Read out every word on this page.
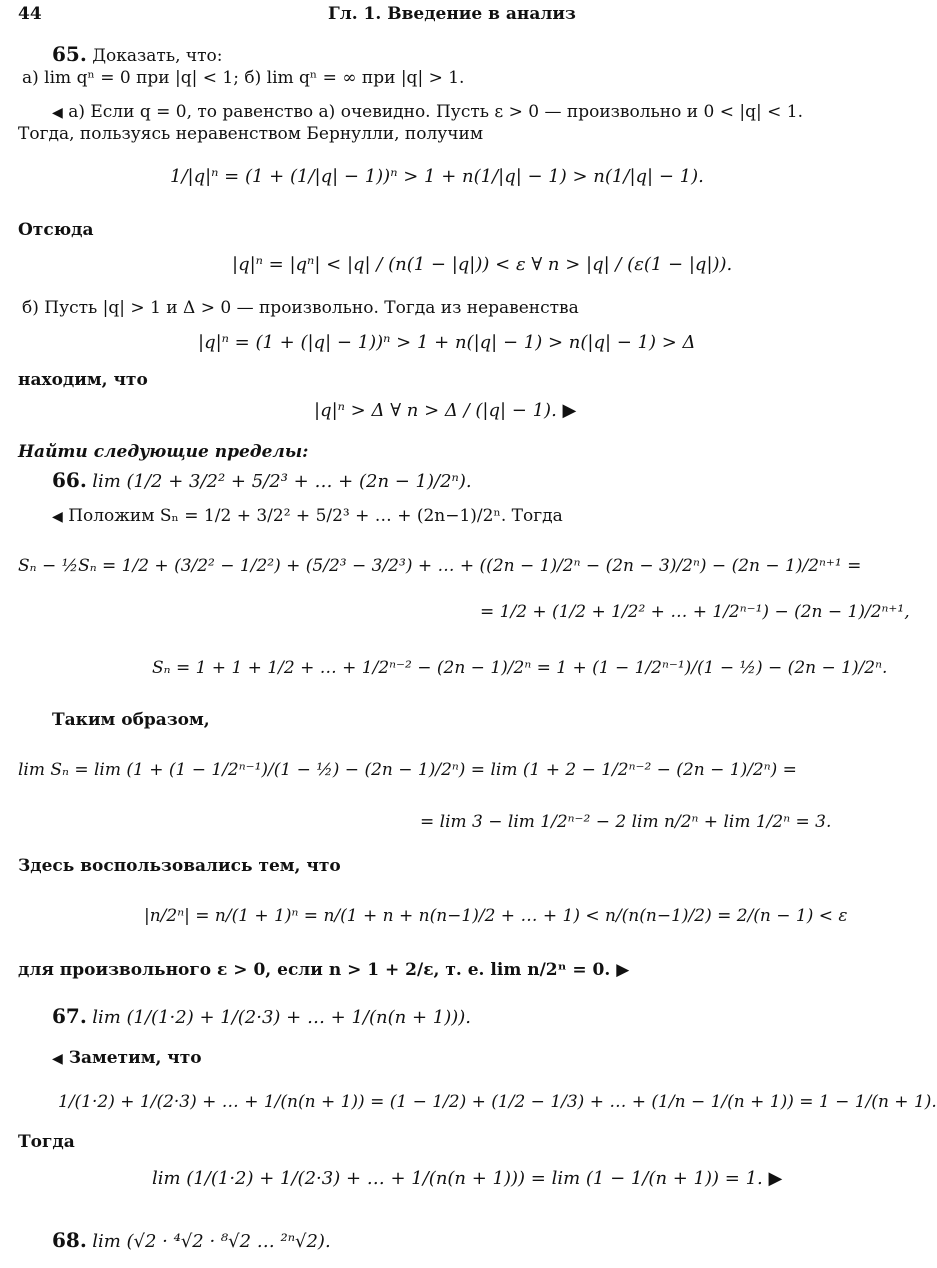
44	Гл. 1. Введение в анализ
65. Доказать, что:
а) lim qⁿ = 0 при |q| < 1; б) lim qⁿ = ∞ при |q| > 1.
◀ а) Если q = 0, то равенство а) очевидно. Пусть ε > 0 — произвольно и 0 < |q| < 1.
Тогда, пользуясь неравенством Бернулли, получим
1/|q|ⁿ = (1 + (1/|q| − 1))ⁿ > 1 + n(1/|q| − 1) > n(1/|q| − 1).
Отсюда
|q|ⁿ = |qⁿ| < |q| / (n(1 − |q|)) < ε ∀ n > |q| / (ε(1 − |q|)).
б) Пусть |q| > 1 и Δ > 0 — произвольно. Тогда из неравенства
|q|ⁿ = (1 + (|q| − 1))ⁿ > 1 + n(|q| − 1) > n(|q| − 1) > Δ
находим, что
|q|ⁿ > Δ ∀ n > Δ / (|q| − 1). ▶
Найти следующие пределы:
66. lim (1/2 + 3/2² + 5/2³ + … + (2n − 1)/2ⁿ).
◀ Положим Sₙ = 1/2 + 3/2² + 5/2³ + … + (2n−1)/2ⁿ. Тогда
Sₙ − ½Sₙ = 1/2 + (3/2² − 1/2²) + (5/2³ − 3/2³) + … + ((2n − 1)/2ⁿ − (2n − 3)/2ⁿ) − (2n − 1)/2ⁿ⁺¹ =
= 1/2 + (1/2 + 1/2² + … + 1/2ⁿ⁻¹) − (2n − 1)/2ⁿ⁺¹,
Sₙ = 1 + 1 + 1/2 + … + 1/2ⁿ⁻² − (2n − 1)/2ⁿ = 1 + (1 − 1/2ⁿ⁻¹)/(1 − ½) − (2n − 1)/2ⁿ.
Таким образом,
lim Sₙ = lim (1 + (1 − 1/2ⁿ⁻¹)/(1 − ½) − (2n − 1)/2ⁿ) = lim (1 + 2 − 1/2ⁿ⁻² − (2n − 1)/2ⁿ) =
= lim 3 − lim 1/2ⁿ⁻² − 2 lim n/2ⁿ + lim 1/2ⁿ = 3.
Здесь воспользовались тем, что
|n/2ⁿ| = n/(1 + 1)ⁿ = n/(1 + n + n(n−1)/2 + … + 1) < n/(n(n−1)/2) = 2/(n − 1) < ε
для произвольного ε > 0, если n > 1 + 2/ε, т. е. lim n/2ⁿ = 0. ▶
67. lim (1/(1·2) + 1/(2·3) + … + 1/(n(n + 1))).
◀ Заметим, что
1/(1·2) + 1/(2·3) + … + 1/(n(n + 1)) = (1 − 1/2) + (1/2 − 1/3) + … + (1/n − 1/(n + 1)) = 1 − 1/(n + 1).
Тогда
lim (1/(1·2) + 1/(2·3) + … + 1/(n(n + 1))) = lim (1 − 1/(n + 1)) = 1. ▶
68. lim (√2 · ⁴√2 · ⁸√2 … ²ⁿ√2).
